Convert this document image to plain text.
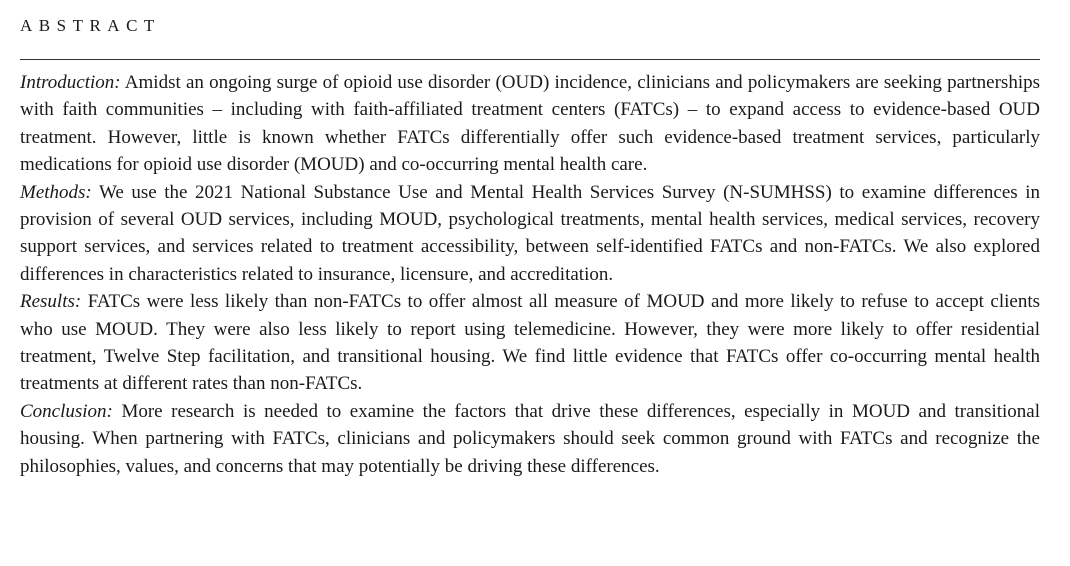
ABSTRACT

Introduction: Amidst an ongoing surge of opioid use disorder (OUD) incidence, clinicians and policymakers are seeking partnerships with faith communities – including with faith-affiliated treatment centers (FATCs) – to expand access to evidence-based OUD treatment. However, little is known whether FATCs differentially offer such evidence-based treatment services, particularly medications for opioid use disorder (MOUD) and co-occurring mental health care.

Methods: We use the 2021 National Substance Use and Mental Health Services Survey (N-SUMHSS) to examine differences in provision of several OUD services, including MOUD, psychological treatments, mental health services, medical services, recovery support services, and services related to treatment accessibility, between self-identified FATCs and non-FATCs. We also explored differences in characteristics related to insurance, licensure, and accreditation.

Results: FATCs were less likely than non-FATCs to offer almost all measure of MOUD and more likely to refuse to accept clients who use MOUD. They were also less likely to report using telemedicine. However, they were more likely to offer residential treatment, Twelve Step facilitation, and transitional housing. We find little evidence that FATCs offer co-occurring mental health treatments at different rates than non-FATCs.

Conclusion: More research is needed to examine the factors that drive these differences, especially in MOUD and transitional housing. When partnering with FATCs, clinicians and policymakers should seek common ground with FATCs and recognize the philosophies, values, and concerns that may potentially be driving these differences.
